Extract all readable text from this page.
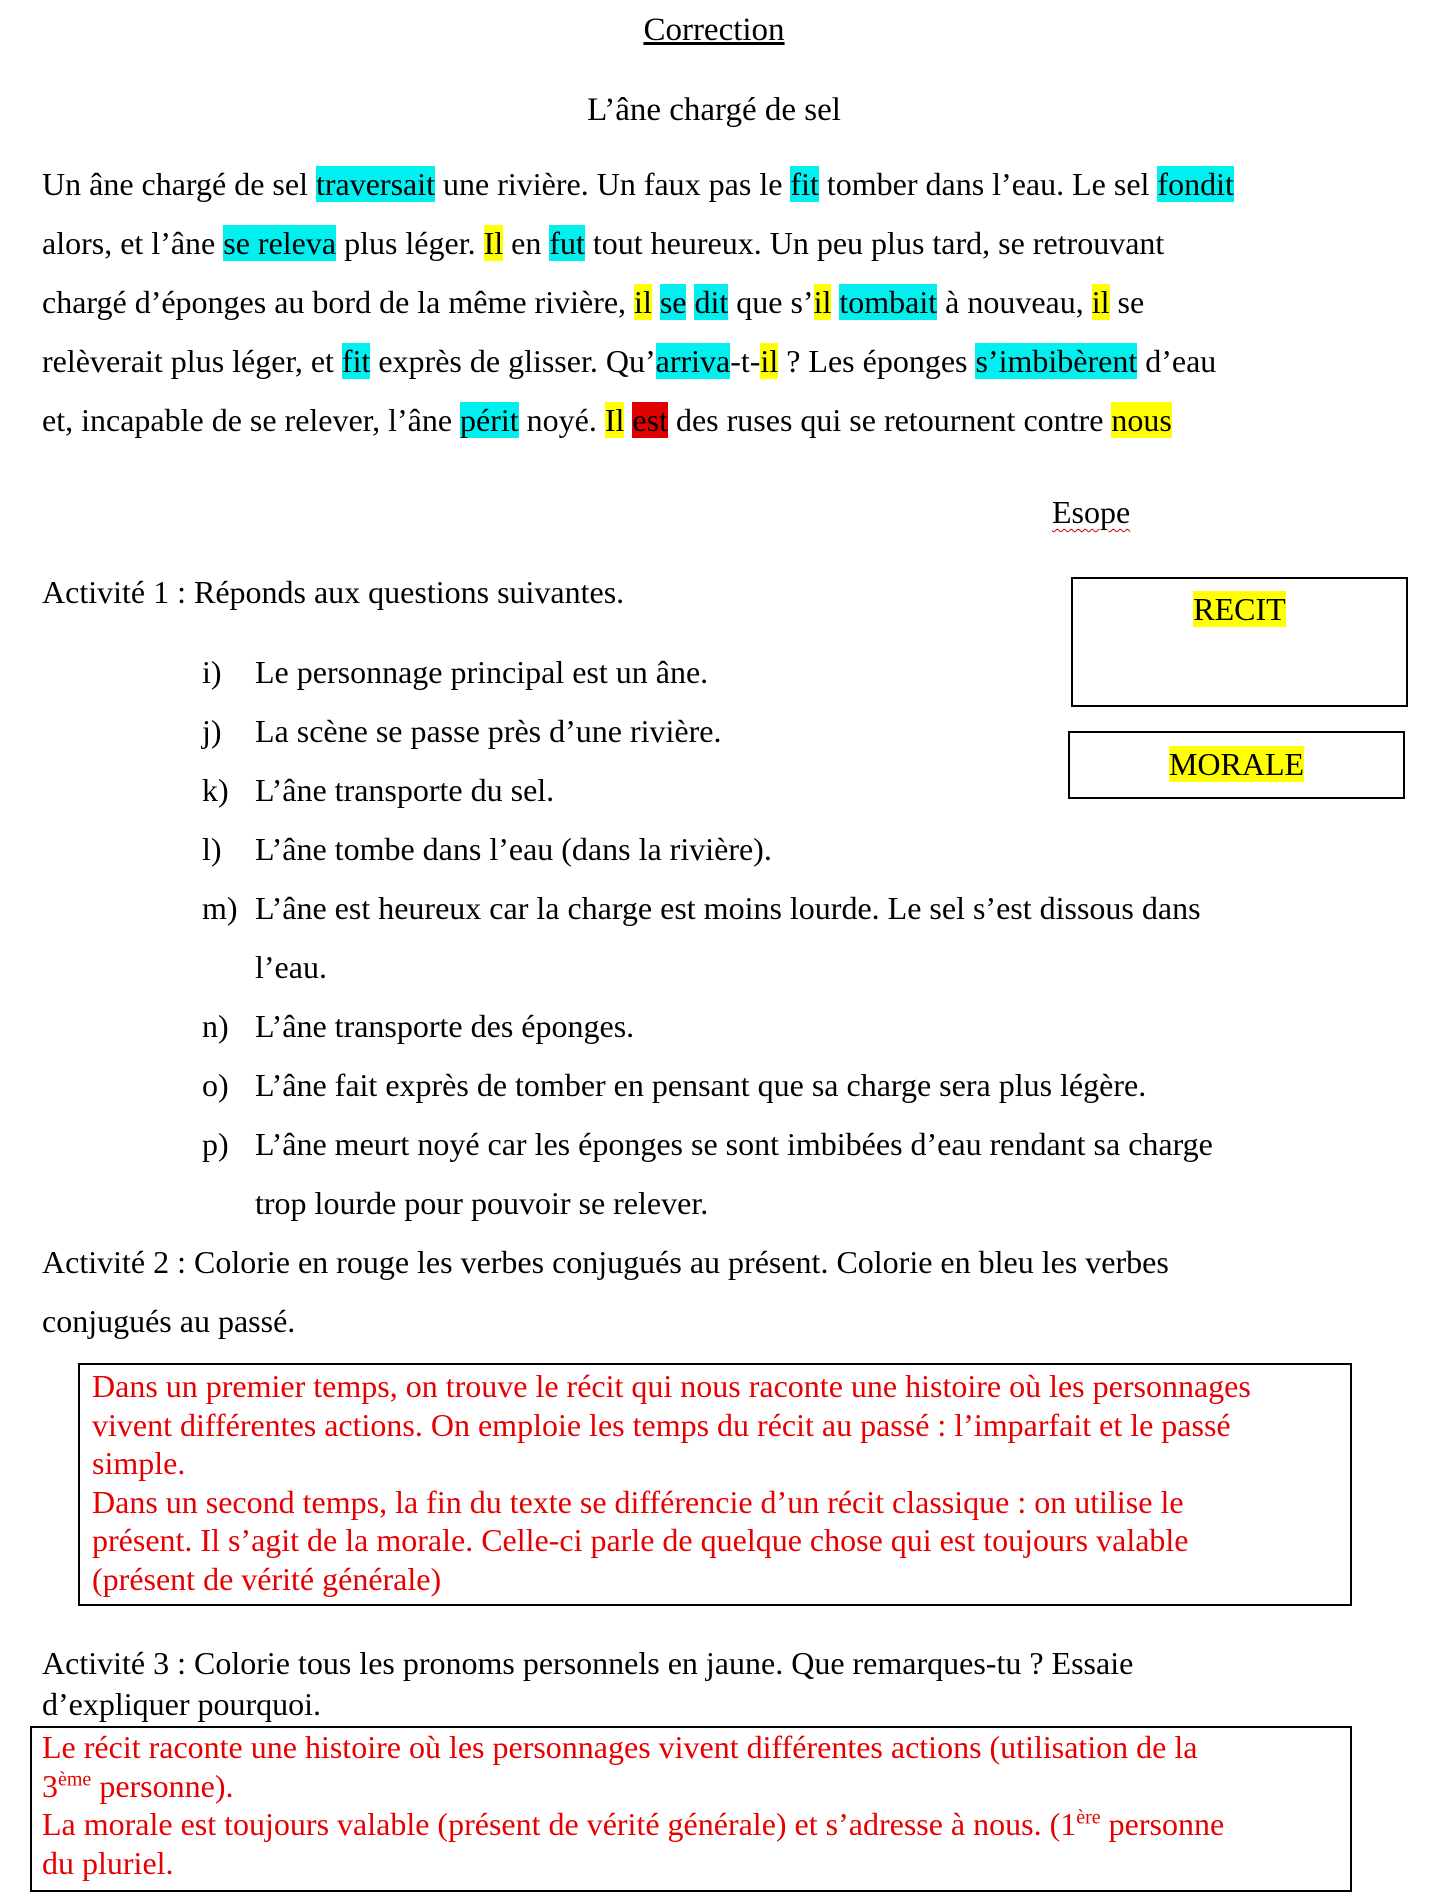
Correction
L’âne chargé de sel
Un âne chargé de sel traversait une rivière. Un faux pas le fit tomber dans l’eau. Le sel fondit
alors, et l’âne se releva plus léger. Il en fut tout heureux. Un peu plus tard, se retrouvant
chargé d’éponges au bord de la même rivière, il se dit que s’il tombait à nouveau, il se
relèverait plus léger, et fit exprès de glisser. Qu’arriva-t-il ? Les éponges s’imbibèrent d’eau
et, incapable de se relever, l’âne périt noyé. Il est des ruses qui se retournent contre nous
Esope
Activité 1 : Réponds aux questions suivantes.	RECIT
MORALE
i) Le personnage principal est un âne.
j) La scène se passe près d’une rivière.
k) L’âne transporte du sel.
l) L’âne tombe dans l’eau (dans la rivière).
m) L’âne est heureux car la charge est moins lourde. Le sel s’est dissous dans
l’eau.
n) L’âne transporte des éponges.
o) L’âne fait exprès de tomber en pensant que sa charge sera plus légère.
p) L’âne meurt noyé car les éponges se sont imbibées d’eau rendant sa charge
trop lourde pour pouvoir se relever.
Activité 2 : Colorie en rouge les verbes conjugués au présent. Colorie en bleu les verbes
conjugués au passé.
Dans un premier temps, on trouve le récit qui nous raconte une histoire où les personnages
vivent différentes actions. On emploie les temps du récit au passé : l’imparfait et le passé
simple.
Dans un second temps, la fin du texte se différencie d’un récit classique : on utilise le
présent. Il s’agit de la morale. Celle-ci parle de quelque chose qui est toujours valable
(présent de vérité générale)
Activité 3 : Colorie tous les pronoms personnels en jaune. Que remarques-tu ? Essaie
d’expliquer pourquoi.
Le récit raconte une histoire où les personnages vivent différentes actions (utilisation de la
3ème personne).
La morale est toujours valable (présent de vérité générale) et s’adresse à nous. (1ère personne
du pluriel.
